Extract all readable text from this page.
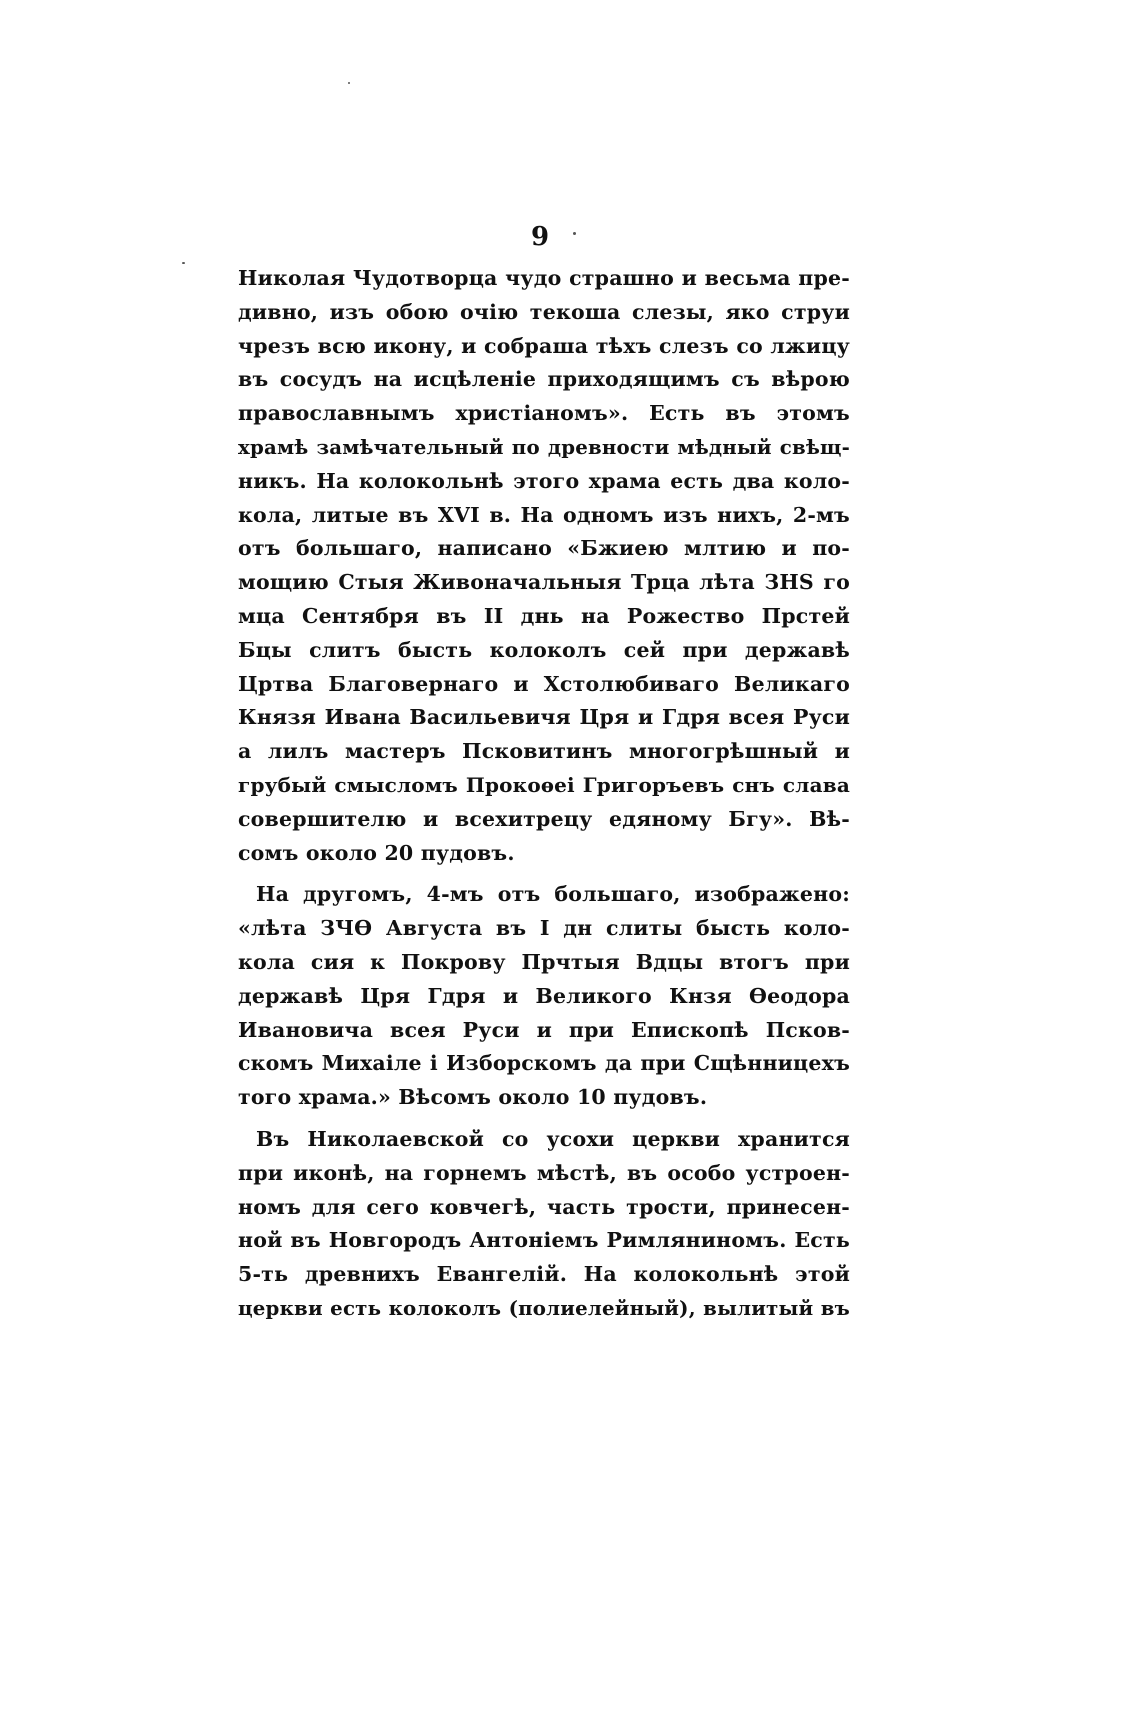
9
Николая Чудотворца чудо страшно и весьма пре-
дивно, изъ обою очію текоша слезы, яко струи
чрезъ всю икону, и собраша тѣхъ слезъ со лжицу
въ сосудъ на исцѣленіе приходящимъ съ вѣрою
православнымъ христіаномъ». Есть въ этомъ
храмѣ замѣчательный по древности мѣдный свѣщ-
никъ. На колокольнѣ этого храма есть два коло-
кола, литые въ XVI в. На одномъ изъ нихъ, 2-мъ
отъ большаго, написано «Бжиею млтию и по-
мощию Стыя Живоначальныя Трца лѣта ЗНS го
мца Сентября въ II днь на Рожество Прстей
Бцы слитъ бысть колоколъ сей при державѣ
Цртва Благовернаго и Хстолюбиваго Великаго
Князя Ивана Васильевичя Цря и Гдря всея Руси
а лилъ мастеръ Псковитинъ многогрѣшный и
грубый смысломъ Прокоѳеі Григоръевъ снъ слава
совершителю и всехитрецу едяному Бгу». Вѣ-
сомъ около 20 пудовъ.
На другомъ, 4-мъ отъ большаго, изображено:
«лѣта ЗЧѲ Августа въ I дн слиты бысть коло-
кола сия к Покрову Прчтыя Вдцы втогъ при
державѣ Цря Гдря и Великого Кнзя Ѳеодора
Ивановича всея Руси и при Епископѣ Псков-
скомъ Михаіле і Изборскомъ да при Сщѣнницехъ
того храма.» Вѣсомъ около 10 пудовъ.
Въ Николаевской со усохи церкви хранится
при иконѣ, на горнемъ мѣстѣ, въ особо устроен-
номъ для сего ковчегѣ, часть трости, принесен-
ной въ Новгородъ Антоніемъ Римляниномъ. Есть
5-ть древнихъ Евангелій. На колокольнѣ этой
церкви есть колоколъ (полиелейный), вылитый въ
